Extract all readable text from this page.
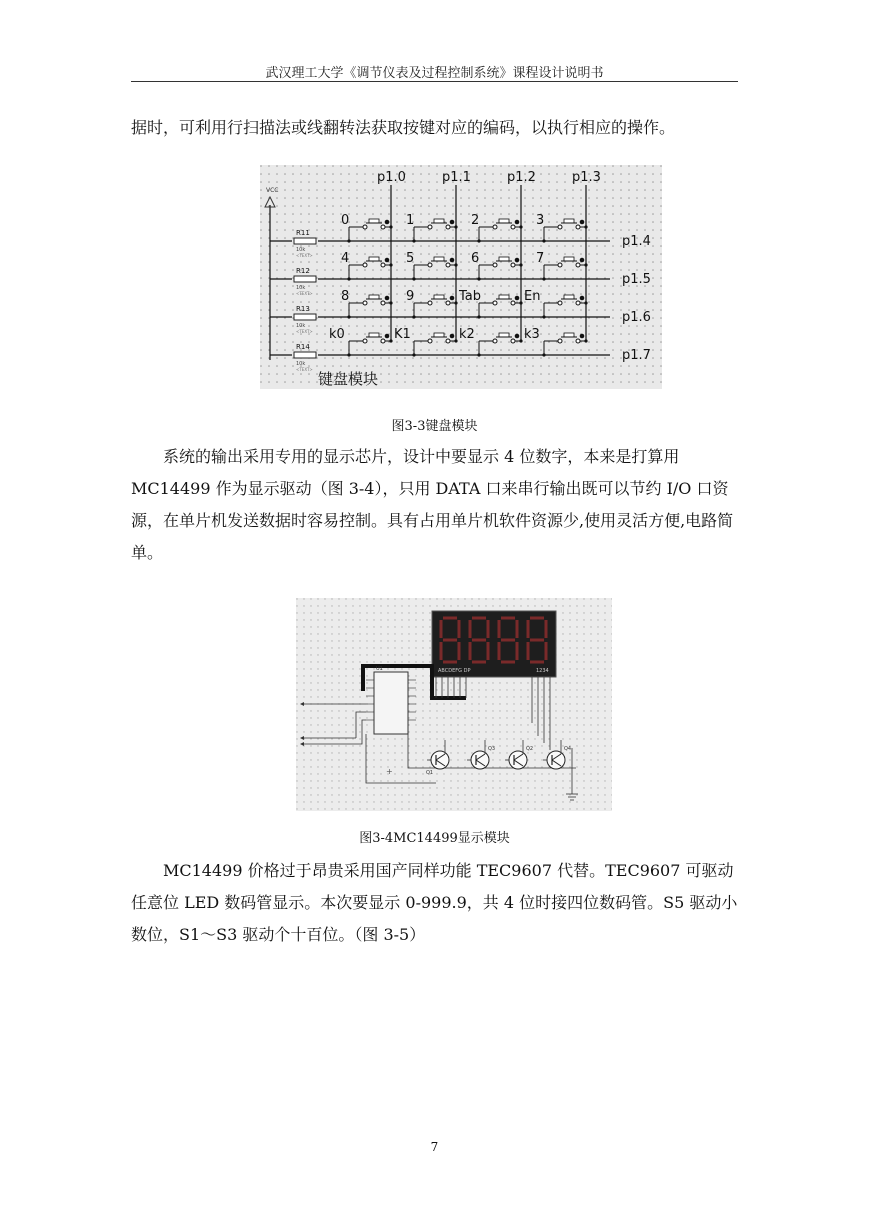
武汉理工大学《调节仪表及过程控制系统》课程设计说明书

据时，可利用行扫描法或线翻转法获取按键对应的编码，以执行相应的操作。

VCC
R11
10k
<TEXT>
R12
10k
<TEXT>
R13
10k
<TEXT>
R14
10k
<TEXT>
0	1	2	3
4	5	6	7
8	9	Tab	En
k0	K1	k2	k3
p1.0	p1.1	p1.2	p1.3
p1.4
p1.5
p1.6
p1.7
键盘模块
图3-3键盘模块

系统的输出采用专用的显示芯片，设计中要显示 4 位数字，本来是打算用 MC14499 作为显示驱动（图 3-4），只用 DATA 口来串行输出既可以节约 I/O 口资源，在单片机发送数据时容易控制。具有占用单片机软件资源少,使用灵活方便,电路简单。

ABCDEFG DP	1234
U1
+	Q1
Q3	Q2	Q4
图3-4MC14499显示模块

MC14499 价格过于昂贵采用国产同样功能 TEC9607 代替。TEC9607 可驱动任意位 LED 数码管显示。本次要显示 0-999.9，共 4 位时接四位数码管。S5 驱动小数位，S1～S3 驱动个十百位。（图 3-5）

7
